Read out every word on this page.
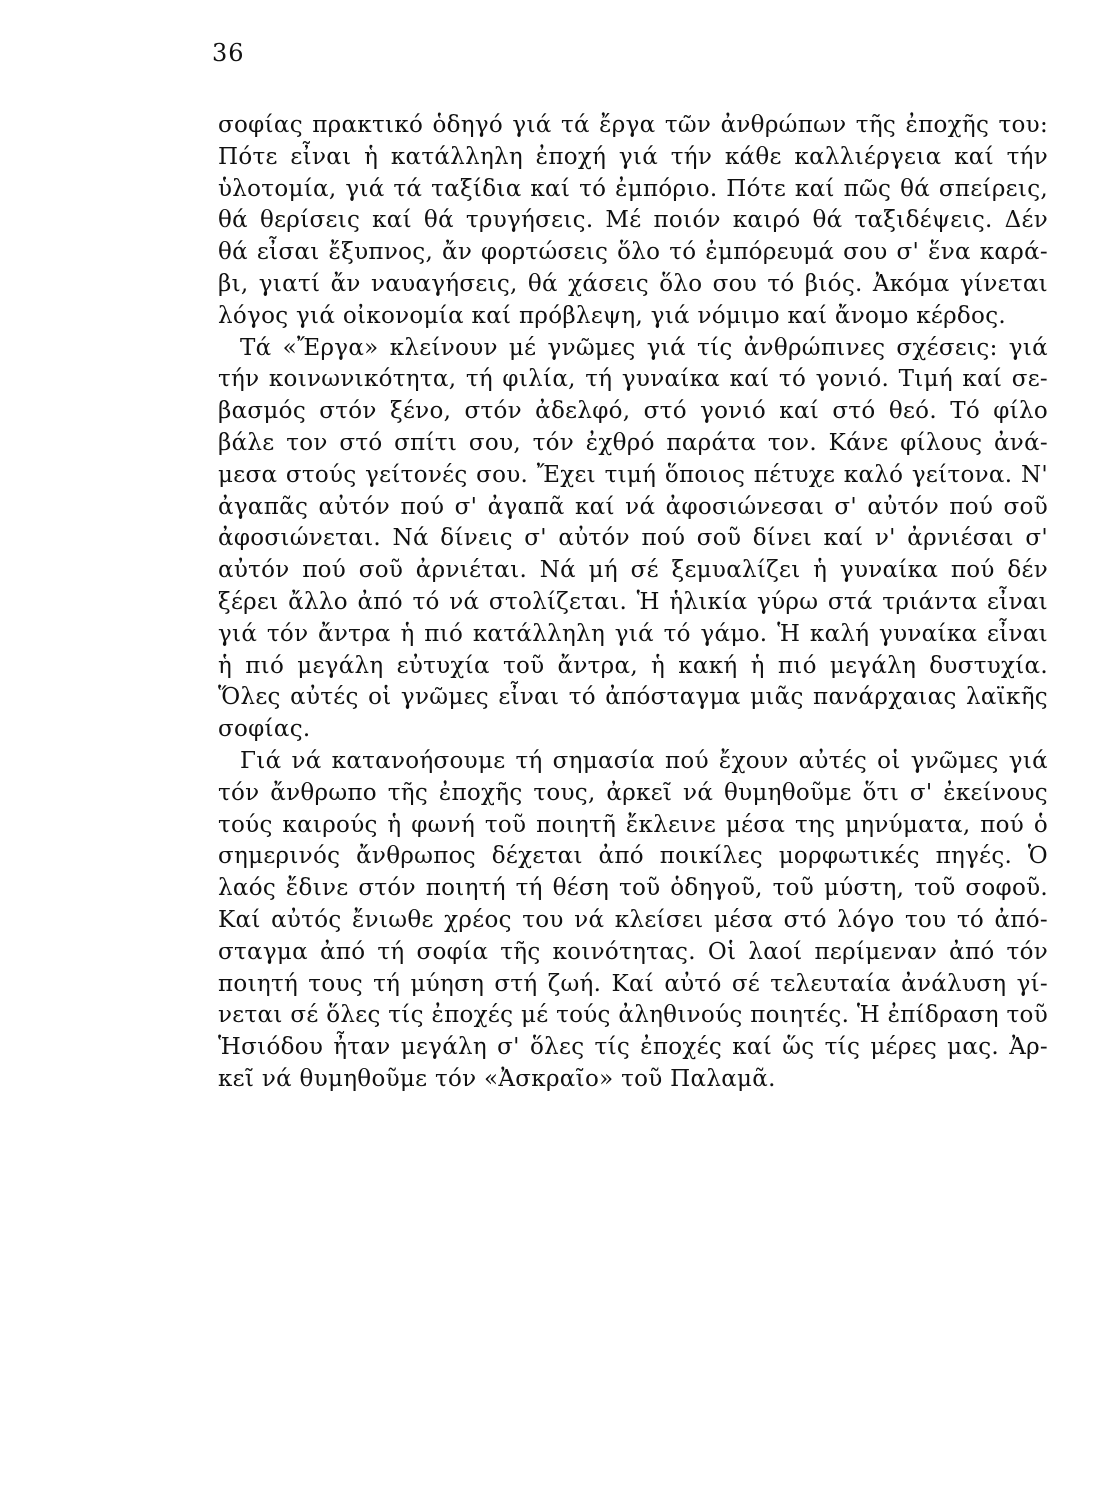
36
σοφίας πρακτικό ὁδηγό γιά τά ἔργα τῶν ἀνθρώπων τῆς ἐποχῆς του:
Πότε εἶναι ἡ κατάλληλη ἐποχή γιά τήν κάθε καλλιέργεια καί τήν
ὑλοτομία, γιά τά ταξίδια καί τό ἐμπόριο. Πότε καί πῶς θά σπείρεις,
θά θερίσεις καί θά τρυγήσεις. Μέ ποιόν καιρό θά ταξιδέψεις. Δέν
θά εἶσαι ἔξυπνος, ἄν φορτώσεις ὅλο τό ἐμπόρευμά σου σ' ἕνα καρά-
βι, γιατί ἄν ναυαγήσεις, θά χάσεις ὅλο σου τό βιός. Ἀκόμα γίνεται
λόγος γιά οἰκονομία καί πρόβλεψη, γιά νόμιμο καί ἄνομο κέρδος.
Τά «Ἔργα» κλείνουν μέ γνῶμες γιά τίς ἀνθρώπινες σχέσεις: γιά
τήν κοινωνικότητα, τή φιλία, τή γυναίκα καί τό γονιό. Τιμή καί σε-
βασμός στόν ξένο, στόν ἀδελφό, στό γονιό καί στό θεό. Τό φίλο
βάλε τον στό σπίτι σου, τόν ἐχθρό παράτα τον. Κάνε φίλους ἀνά-
μεσα στούς γείτονές σου. Ἔχει τιμή ὅποιος πέτυχε καλό γείτονα. Ν'
ἀγαπᾶς αὐτόν πού σ' ἀγαπᾶ καί νά ἀφοσιώνεσαι σ' αὐτόν πού σοῦ
ἀφοσιώνεται. Νά δίνεις σ' αὐτόν πού σοῦ δίνει καί ν' ἀρνιέσαι σ'
αὐτόν πού σοῦ ἀρνιέται. Νά μή σέ ξεμυαλίζει ἡ γυναίκα πού δέν
ξέρει ἄλλο ἀπό τό νά στολίζεται. Ἡ ἡλικία γύρω στά τριάντα εἶναι
γιά τόν ἄντρα ἡ πιό κατάλληλη γιά τό γάμο. Ἡ καλή γυναίκα εἶναι
ἡ πιό μεγάλη εὐτυχία τοῦ ἄντρα, ἡ κακή ἡ πιό μεγάλη δυστυχία.
Ὅλες αὐτές οἱ γνῶμες εἶναι τό ἀπόσταγμα μιᾶς πανάρχαιας λαϊκῆς
σοφίας.
Γιά νά κατανοήσουμε τή σημασία πού ἔχουν αὐτές οἱ γνῶμες γιά
τόν ἄνθρωπο τῆς ἐποχῆς τους, ἀρκεῖ νά θυμηθοῦμε ὅτι σ' ἐκείνους
τούς καιρούς ἡ φωνή τοῦ ποιητῆ ἔκλεινε μέσα της μηνύματα, πού ὁ
σημερινός ἄνθρωπος δέχεται ἀπό ποικίλες μορφωτικές πηγές. Ὁ
λαός ἔδινε στόν ποιητή τή θέση τοῦ ὁδηγοῦ, τοῦ μύστη, τοῦ σοφοῦ.
Καί αὐτός ἔνιωθε χρέος του νά κλείσει μέσα στό λόγο του τό ἀπό-
σταγμα ἀπό τή σοφία τῆς κοινότητας. Οἱ λαοί περίμεναν ἀπό τόν
ποιητή τους τή μύηση στή ζωή. Καί αὐτό σέ τελευταία ἀνάλυση γί-
νεται σέ ὅλες τίς ἐποχές μέ τούς ἀληθινούς ποιητές. Ἡ ἐπίδραση τοῦ
Ἡσιόδου ἦταν μεγάλη σ' ὅλες τίς ἐποχές καί ὥς τίς μέρες μας. Ἀρ-
κεῖ νά θυμηθοῦμε τόν «Ἀσκραῖο» τοῦ Παλαμᾶ.
